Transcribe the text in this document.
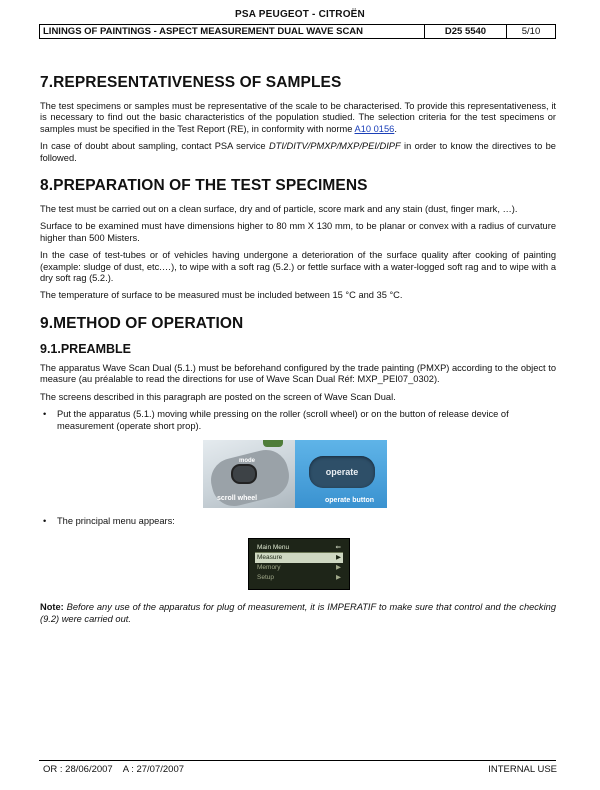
PSA PEUGEOT - CITROËN
LININGS OF PAINTINGS - ASPECT MEASUREMENT DUAL WAVE SCAN	D25 5540	5/10
7.REPRESENTATIVENESS OF SAMPLES

The test specimens or samples must be representative of the scale to be characterised. To provide this representativeness, it is necessary to find out the basic characteristics of the population studied. The selection criteria for the test specimens or samples must be specified in the Test Report (RE), in conformity with norme A10 0156.

In case of doubt about sampling, contact PSA service DTI/DITV/PMXP/MXP/PEI/DIPF in order to know the directives to be followed.

8.PREPARATION OF THE TEST SPECIMENS

The test must be carried out on a clean surface, dry and of particle, score mark and any stain (dust, finger mark, …).

Surface to be examined must have dimensions higher to 80 mm X 130 mm, to be planar or convex with a radius of curvature higher than 500 Misters.

In the case of test-tubes or of vehicles having undergone a deterioration of the surface quality after cooking of painting (example: sludge of dust, etc.…), to wipe with a soft rag (5.2.) or fettle surface with a water-logged soft rag and to wipe with a dry soft rag (5.2.).

The temperature of surface to be measured must be included between 15 °C and 35 °C.

9.METHOD OF OPERATION
9.1.PREAMBLE

The apparatus Wave Scan Dual (5.1.) must be beforehand configured by the trade painting (PMXP) according to the object to measure (au préalable to read the directions for use of Wave Scan Dual Réf: MXP_PEI07_0302).

The screens described in this paragraph are posted on the screen of Wave Scan Dual.

• Put the apparatus (5.1.) moving while pressing on the roller (scroll wheel) or on the button of release device of measurement (operate short prop).
mode
scroll wheel
operate
operate button
• The principal menu appears:
Main Menu	⇐
Measure	▶
Memory	▶
Setup	▶

Note: Before any use of the apparatus for plug of measurement, it is IMPERATIF to make sure that control and the checking (9.2) were carried out.

OR : 28/06/2007    A : 27/07/2007	INTERNAL USE
